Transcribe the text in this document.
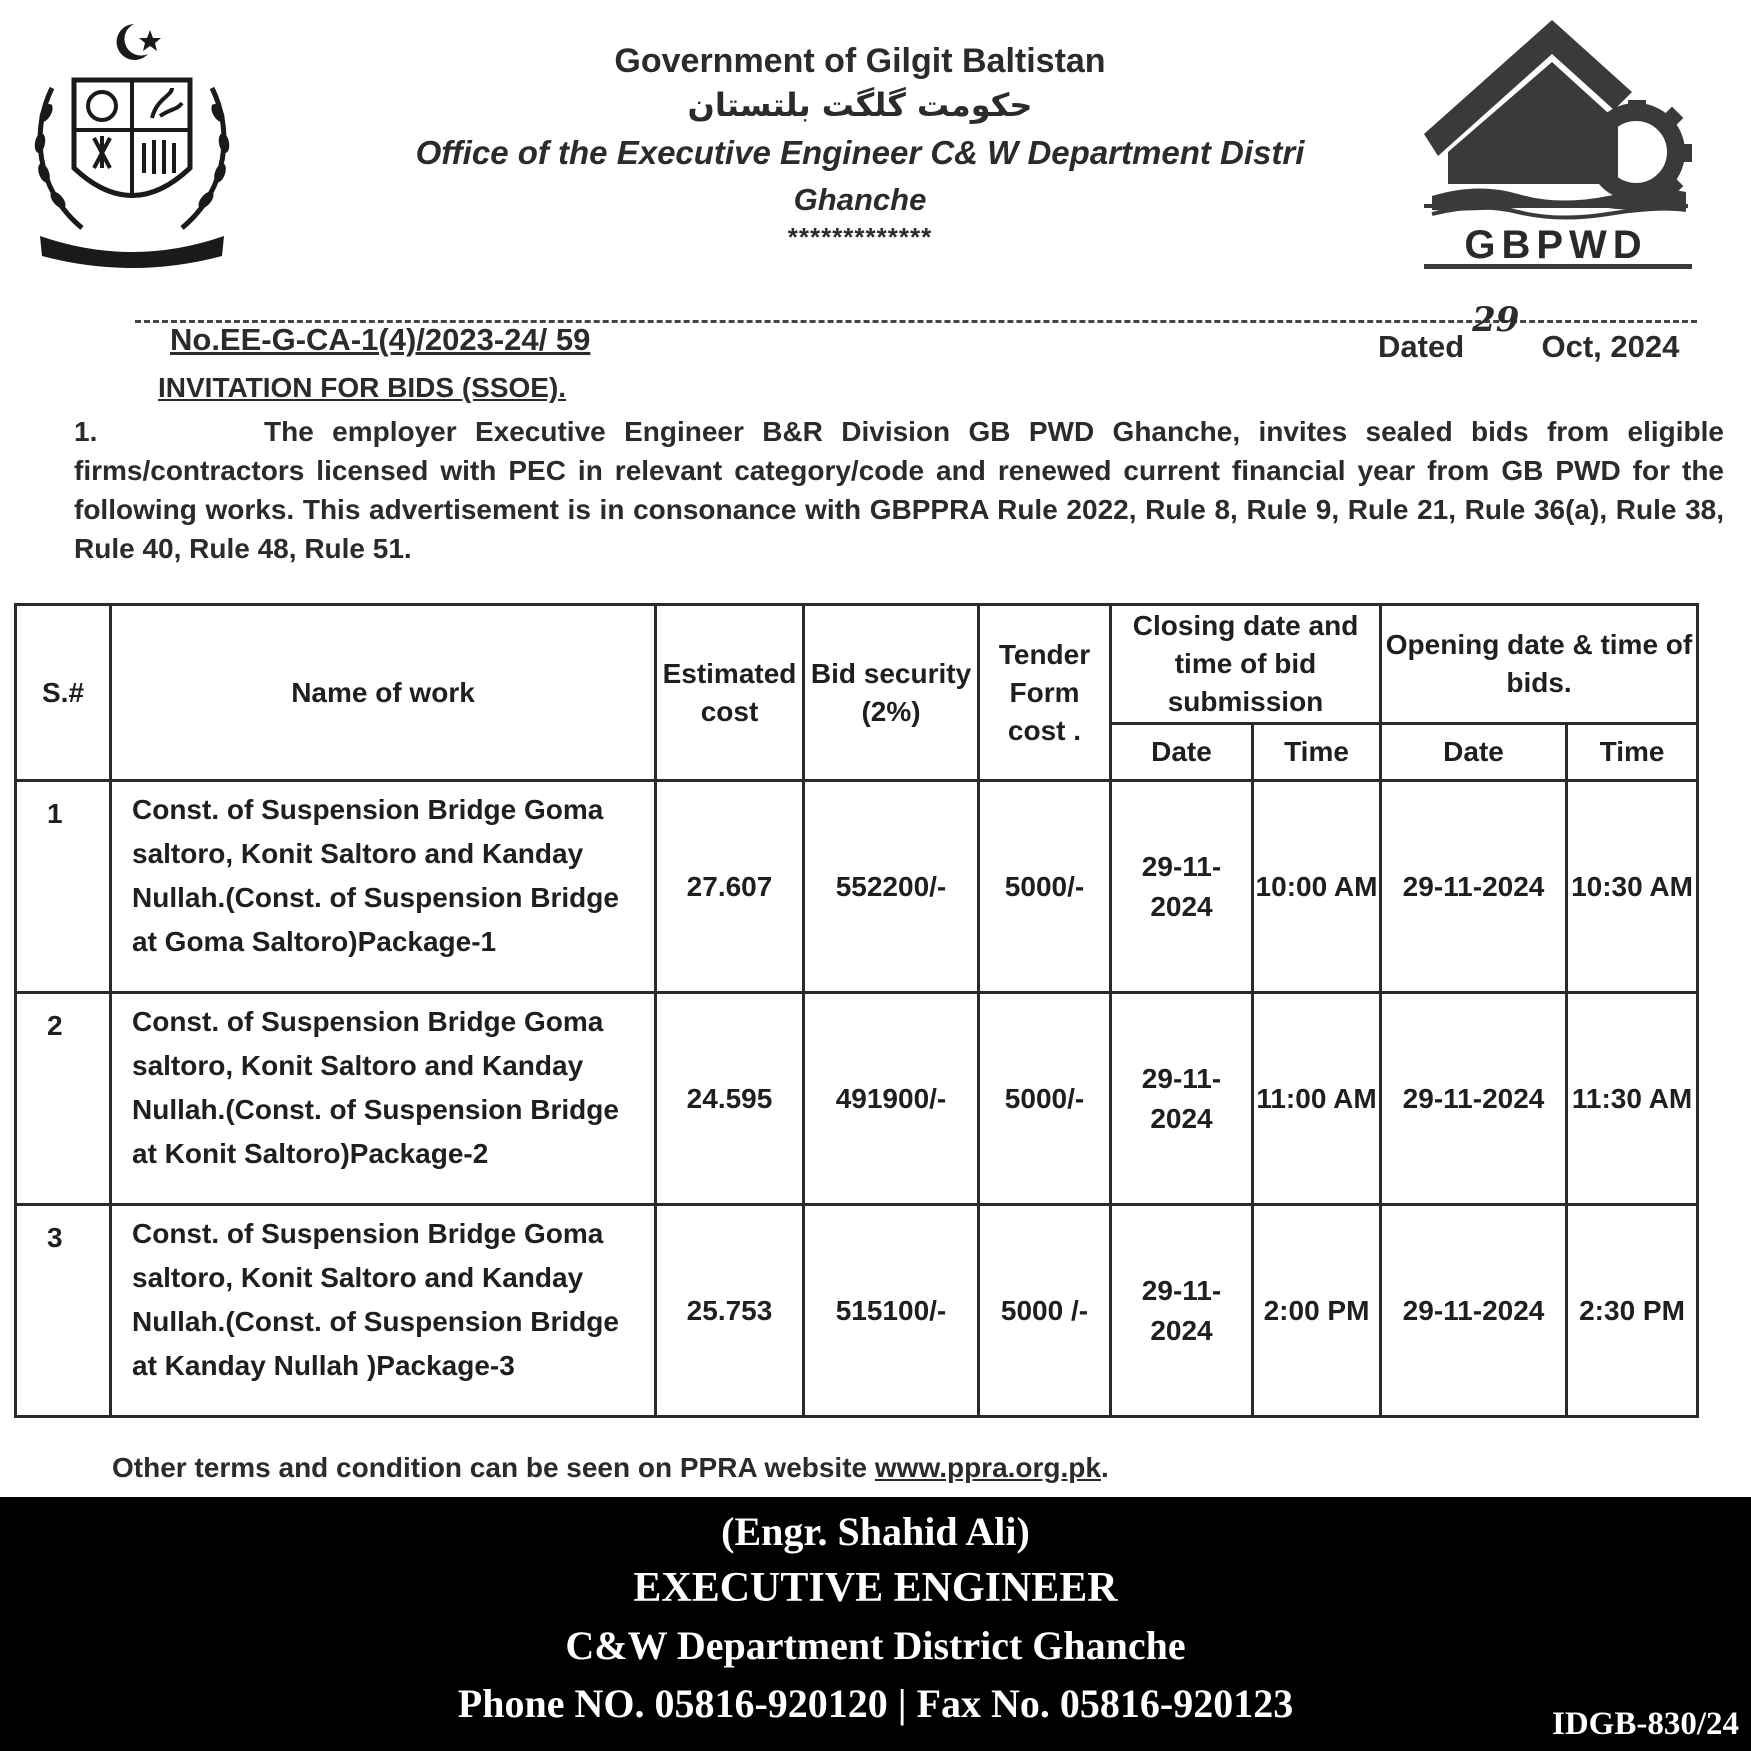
GBPWD
Government of Gilgit Baltistan
حکومت گلگت بلتستان
Office of the Executive Engineer C& W Department Distri
Ghanche
*************
No.EE-G-CA-1(4)/2023-24/ 59	Dated29Oct, 2024
INVITATION FOR BIDS (SSOE).
1.	The employer Executive Engineer B&R Division GB PWD Ghanche, invites sealed bids from eligible firms/contractors licensed with PEC in relevant category/code and renewed current financial year from GB PWD for the following works. This advertisement is in consonance with GBPPRA Rule 2022, Rule 8, Rule 9, Rule 21, Rule 36(a), Rule 38, Rule 40, Rule 48, Rule 51.
S.#	Name of work	Estimated cost	Bid security (2%)	Tender Form cost .	Closing date and time of bid submission		Opening date & time of bids.	
					Date	Time	Date	Time
1	Const. of Suspension Bridge Goma saltoro, Konit Saltoro and Kanday Nullah.(Const. of Suspension Bridge at Goma Saltoro)Package-1	27.607	552200/-	5000/-	29-11-2024	10:00 AM	29-11-2024	10:30 AM
2	Const. of Suspension Bridge Goma saltoro, Konit Saltoro and Kanday Nullah.(Const. of Suspension Bridge at Konit Saltoro)Package-2	24.595	491900/-	5000/-	29-11-2024	11:00 AM	29-11-2024	11:30 AM
3	Const. of Suspension Bridge Goma saltoro, Konit Saltoro and Kanday Nullah.(Const. of Suspension Bridge at Kanday Nullah )Package-3	25.753	515100/-	5000 /-	29-11-2024	2:00 PM	29-11-2024	2:30 PM
Other terms and condition can be seen on PPRA website www.ppra.org.pk.
(Engr. Shahid Ali)
EXECUTIVE ENGINEER
C&W Department District Ghanche
Phone NO. 05816-920120 | Fax No. 05816-920123	IDGB-830/24
